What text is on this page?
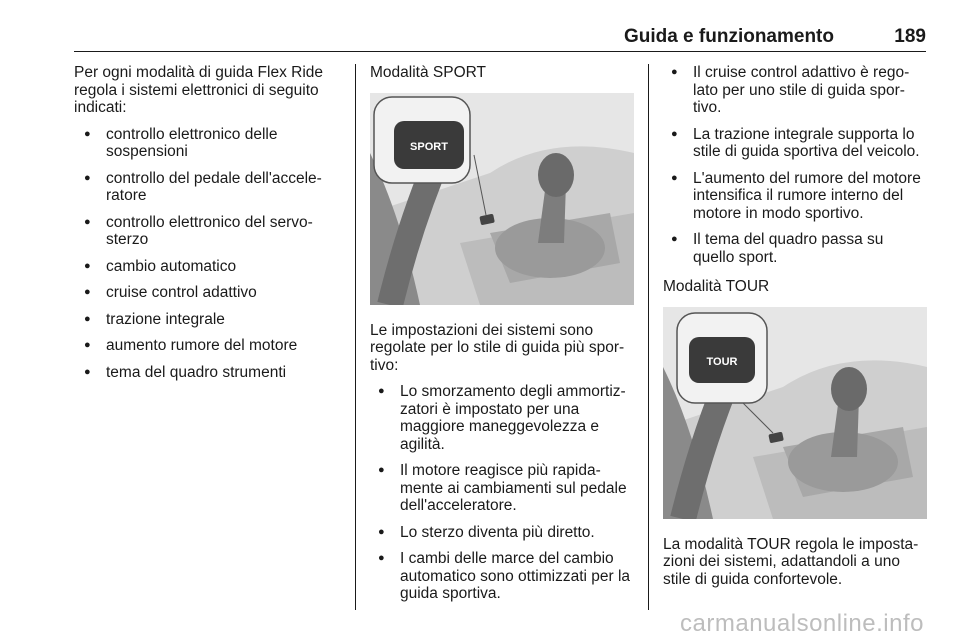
Guida e funzionamento	189

Per ogni modalità di guida Flex Ride regola i sistemi elettronici di seguito indicati:

● controllo elettronico delle sospensioni
● controllo del pedale dell'accele-ratore
● controllo elettronico del servo-sterzo
● cambio automatico
● cruise control adattivo
● trazione integrale
● aumento rumore del motore
● tema del quadro strumenti

Modalità SPORT

SPORT

Le impostazioni dei sistemi sono regolate per lo stile di guida più spor-tivo:

● Lo smorzamento degli ammortiz-zatori è impostato per una maggiore maneggevolezza e agilità.
● Il motore reagisce più rapida-mente ai cambiamenti sul pedale dell'acceleratore.
● Lo sterzo diventa più diretto.
● I cambi delle marce del cambio automatico sono ottimizzati per la guida sportiva.
● Il cruise control adattivo è rego-lato per uno stile di guida spor-tivo.
● La trazione integrale supporta lo stile di guida sportiva del veicolo.
● L'aumento del rumore del motore intensifica il rumore interno del motore in modo sportivo.
● Il tema del quadro passa su quello sport.

Modalità TOUR

TOUR

La modalità TOUR regola le imposta-zioni dei sistemi, adattandoli a uno stile di guida confortevole.

carmanualsonline.info
